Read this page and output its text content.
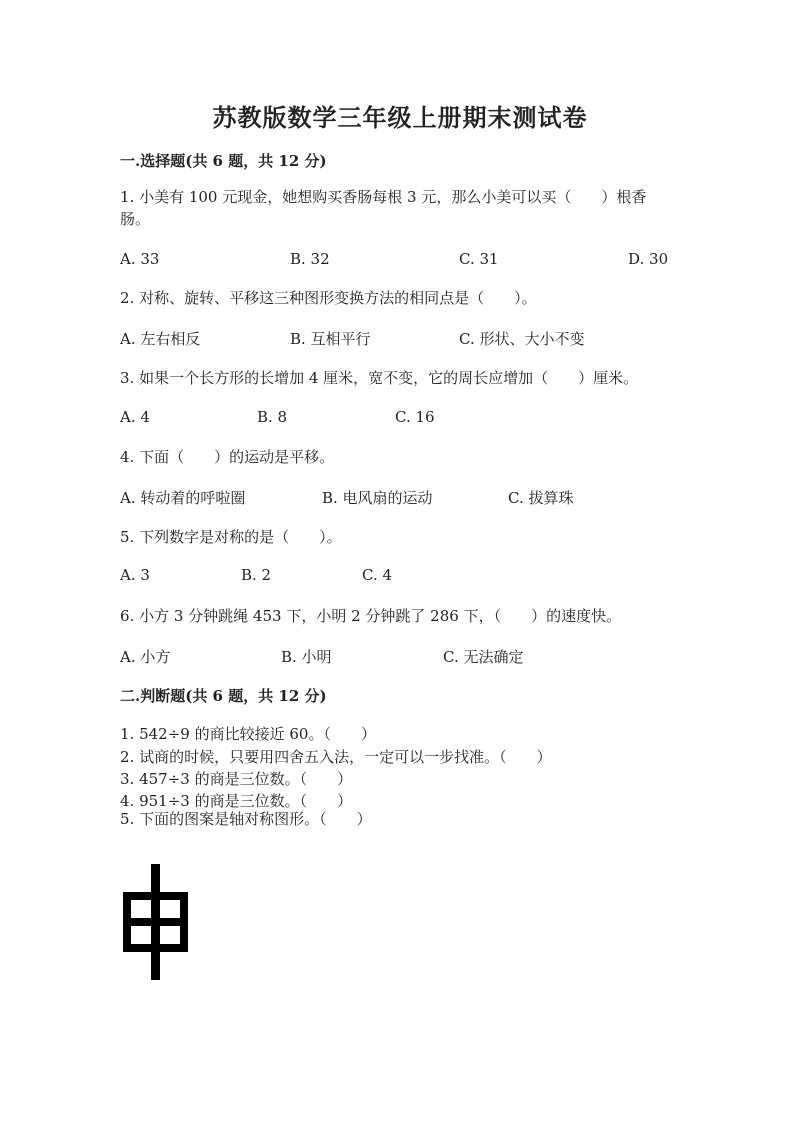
苏教版数学三年级上册期末测试卷
一.选择题(共 6 题，共 12 分)
1. 小美有 100 元现金，她想购买香肠每根 3 元，那么小美可以买（　　）根香
肠。
A. 33	B. 32	C. 31	D. 30
2. 对称、旋转、平移这三种图形变换方法的相同点是（　　）。
A. 左右相反	B. 互相平行	C. 形状、大小不变
3. 如果一个长方形的长增加 4 厘米，宽不变，它的周长应增加（　　）厘米。
A. 4	B. 8	C. 16
4. 下面（　　）的运动是平移。
A. 转动着的呼啦圈	B. 电风扇的运动	C. 拔算珠
5. 下列数字是对称的是（　　）。
A. 3	B. 2	C. 4
6. 小方 3 分钟跳绳 453 下，小明 2 分钟跳了 286 下，（　　）的速度快。
A. 小方	B. 小明	C. 无法确定
二.判断题(共 6 题，共 12 分)
1. 542÷9 的商比较接近 60。（　　）
2. 试商的时候，只要用四舍五入法，一定可以一步找准。（　　）
3. 457÷3 的商是三位数。（　　）
4. 951÷3 的商是三位数。（　　）
5. 下面的图案是轴对称图形。（　　）
